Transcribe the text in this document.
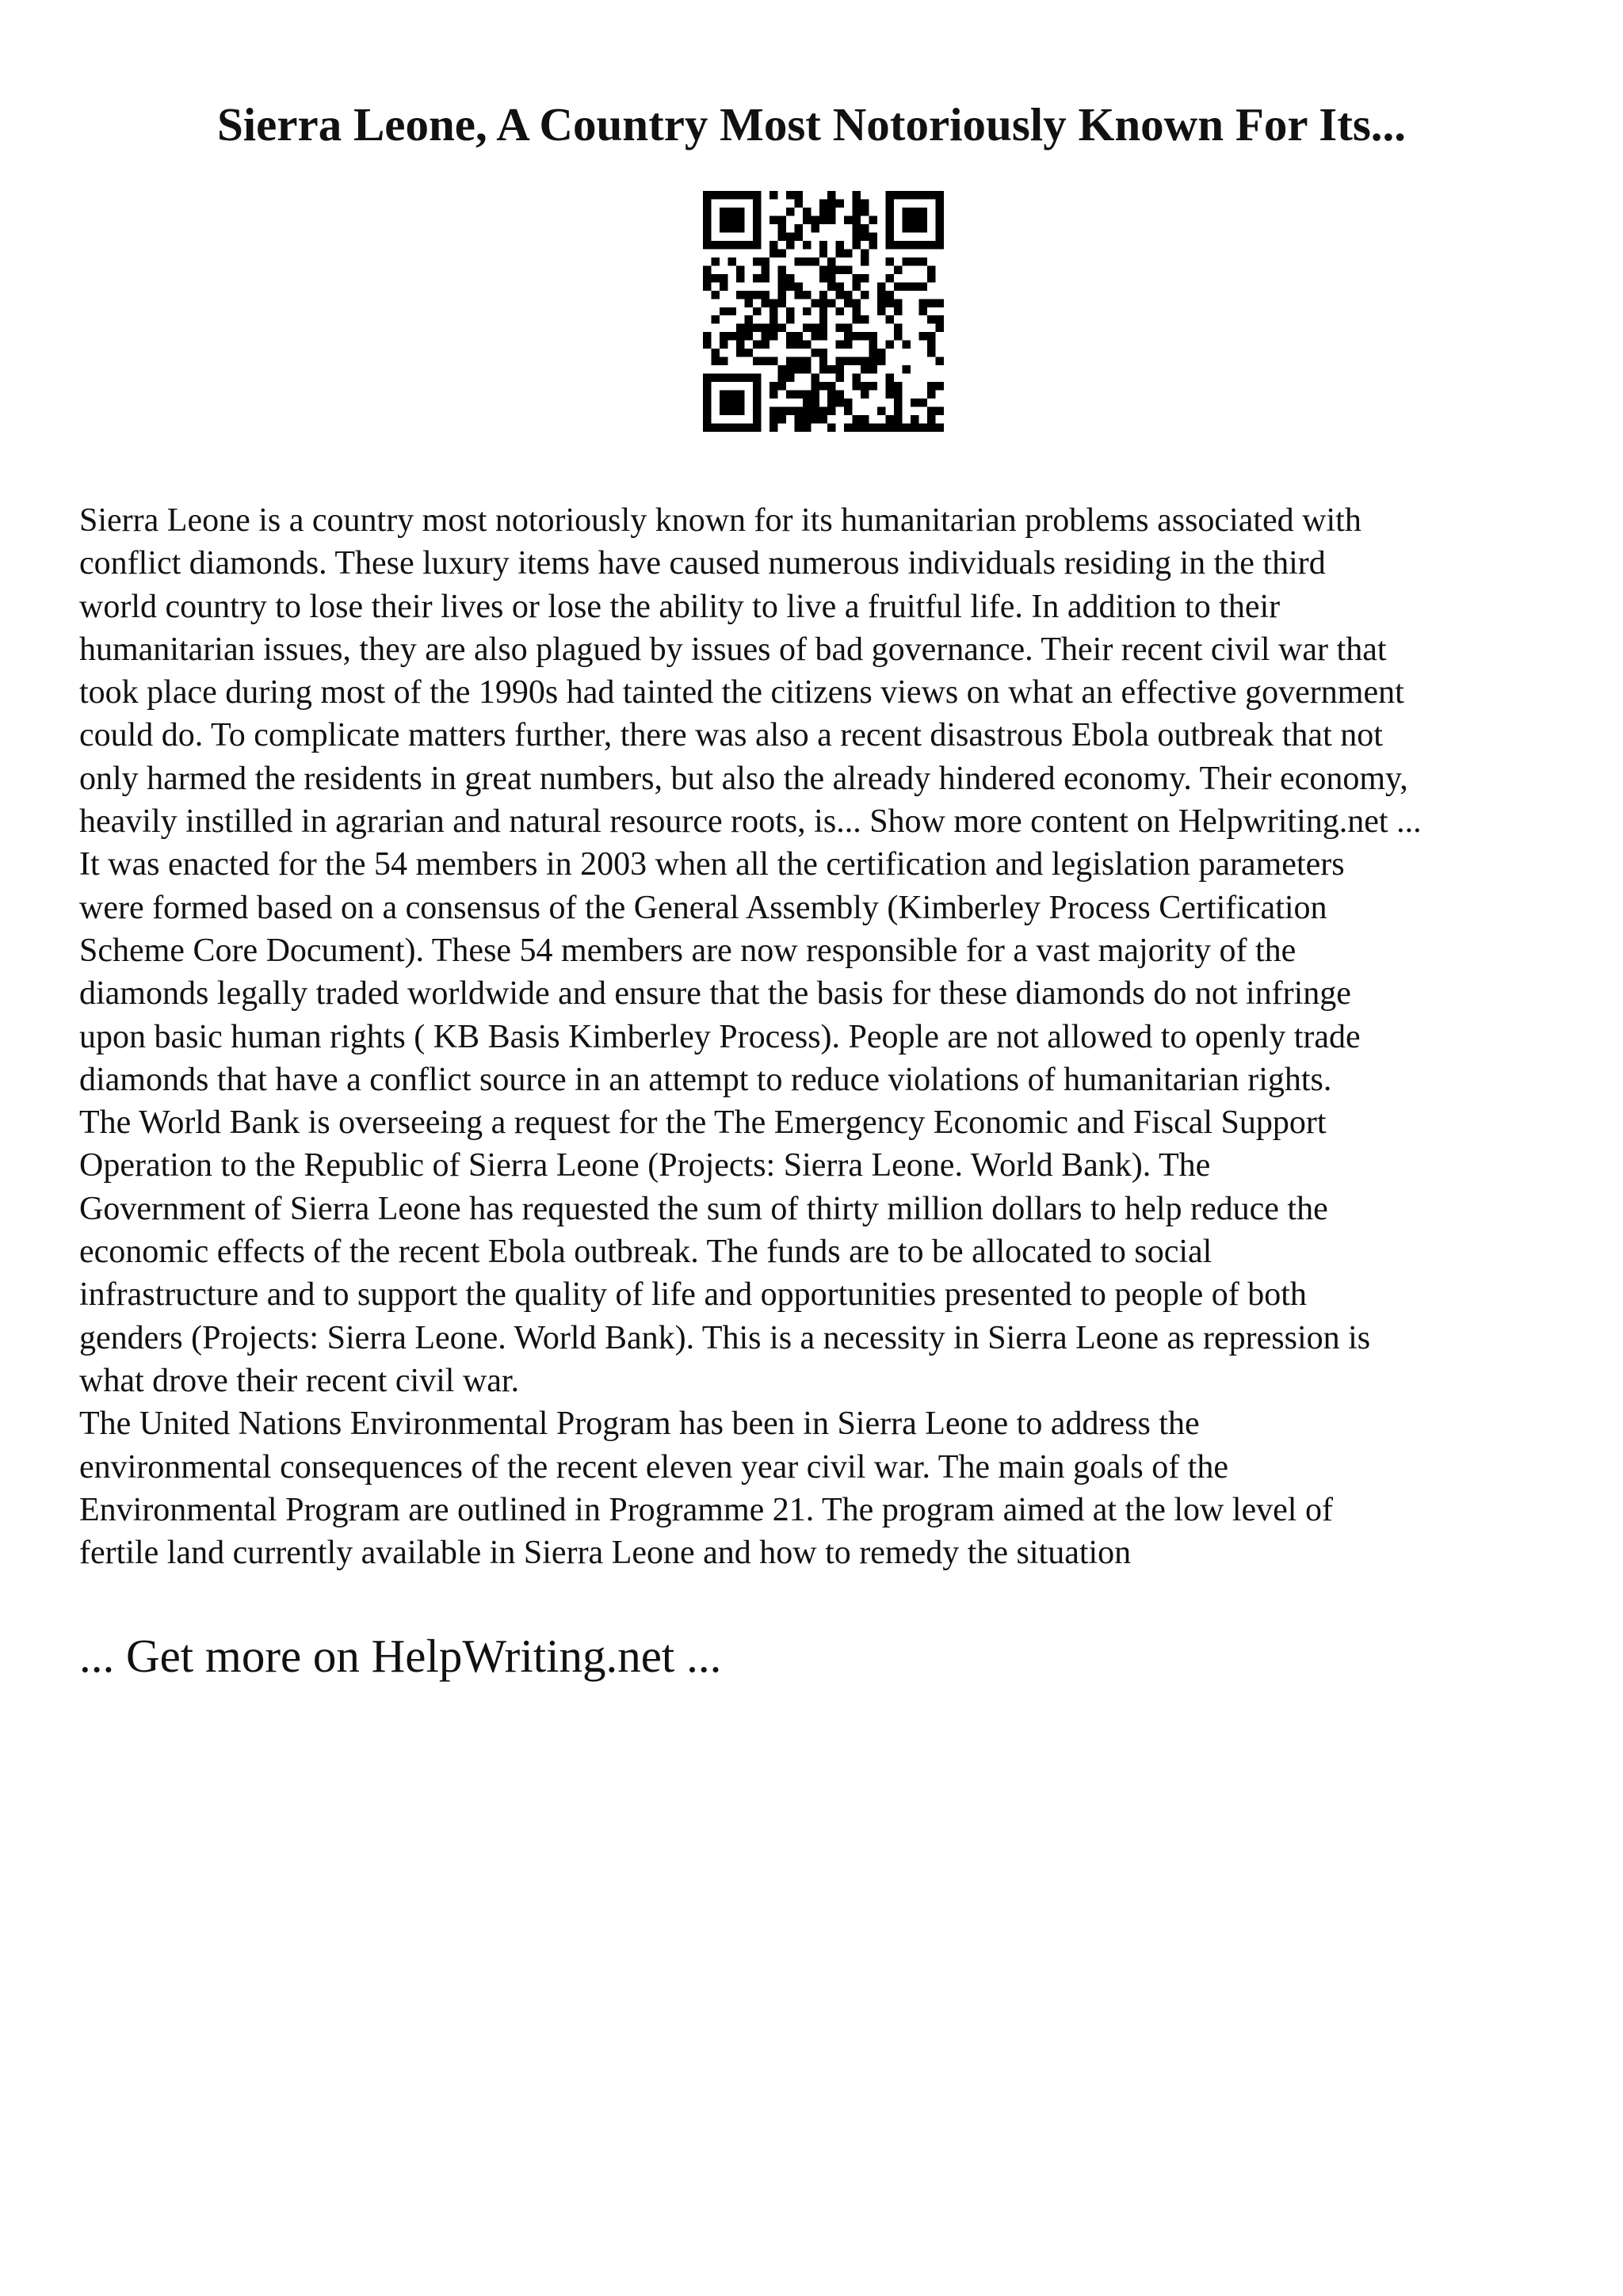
Sierra Leone, A Country Most Notoriously Known For Its...
Sierra Leone is a country most notoriously known for its humanitarian problems associated with
conflict diamonds. These luxury items have caused numerous individuals residing in the third
world country to lose their lives or lose the ability to live a fruitful life. In addition to their
humanitarian issues, they are also plagued by issues of bad governance. Their recent civil war that
took place during most of the 1990s had tainted the citizens views on what an effective government
could do. To complicate matters further, there was also a recent disastrous Ebola outbreak that not
only harmed the residents in great numbers, but also the already hindered economy. Their economy,
heavily instilled in agrarian and natural resource roots, is... Show more content on Helpwriting.net ...
It was enacted for the 54 members in 2003 when all the certification and legislation parameters
were formed based on a consensus of the General Assembly (Kimberley Process Certification
Scheme Core Document). These 54 members are now responsible for a vast majority of the
diamonds legally traded worldwide and ensure that the basis for these diamonds do not infringe
upon basic human rights ( KB Basis Kimberley Process). People are not allowed to openly trade
diamonds that have a conflict source in an attempt to reduce violations of humanitarian rights.
The World Bank is overseeing a request for the The Emergency Economic and Fiscal Support
Operation to the Republic of Sierra Leone (Projects: Sierra Leone. World Bank). The
Government of Sierra Leone has requested the sum of thirty million dollars to help reduce the
economic effects of the recent Ebola outbreak. The funds are to be allocated to social
infrastructure and to support the quality of life and opportunities presented to people of both
genders (Projects: Sierra Leone. World Bank). This is a necessity in Sierra Leone as repression is
what drove their recent civil war.
The United Nations Environmental Program has been in Sierra Leone to address the
environmental consequences of the recent eleven year civil war. The main goals of the
Environmental Program are outlined in Programme 21. The program aimed at the low level of
fertile land currently available in Sierra Leone and how to remedy the situation
... Get more on HelpWriting.net ...
